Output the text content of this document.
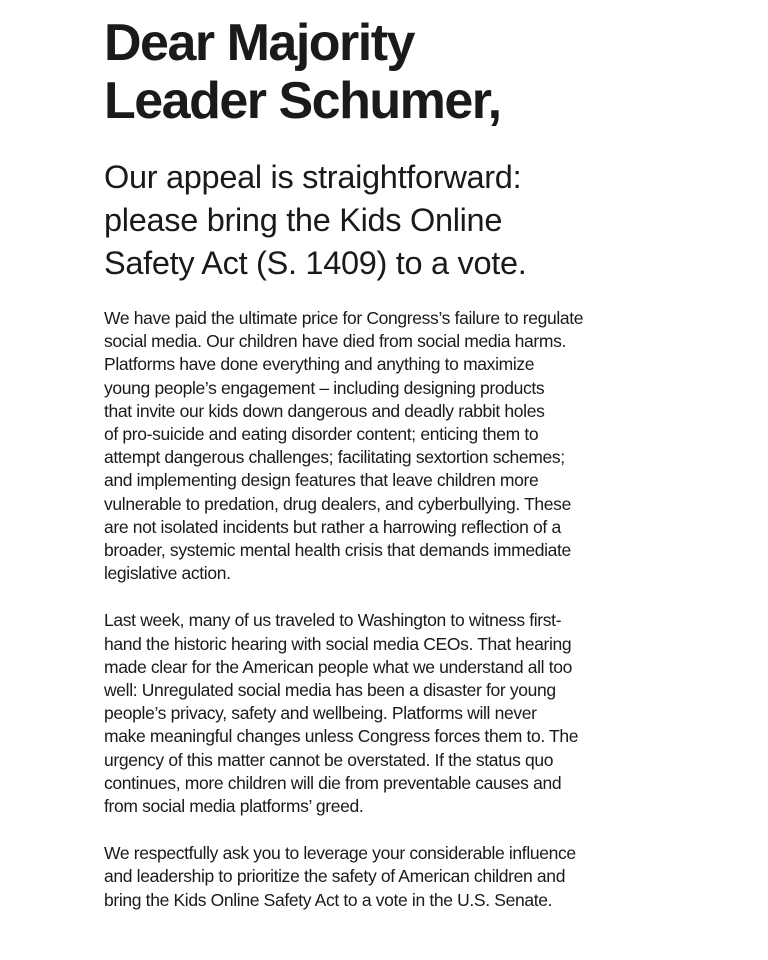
Dear Majority
Leader Schumer,
Our appeal is straightforward:
please bring the Kids Online
Safety Act (S. 1409) to a vote.

We have paid the ultimate price for Congress’s failure to regulate
social media. Our children have died from social media harms.
Platforms have done everything and anything to maximize
young people’s engagement – including designing products
that invite our kids down dangerous and deadly rabbit holes
of pro-suicide and eating disorder content; enticing them to
attempt dangerous challenges; facilitating sextortion schemes;
and implementing design features that leave children more
vulnerable to predation, drug dealers, and cyberbullying. These
are not isolated incidents but rather a harrowing reflection of a
broader, systemic mental health crisis that demands immediate
legislative action.

Last week, many of us traveled to Washington to witness first-
hand the historic hearing with social media CEOs. That hearing
made clear for the American people what we understand all too
well: Unregulated social media has been a disaster for young
people’s privacy, safety and wellbeing. Platforms will never
make meaningful changes unless Congress forces them to. The
urgency of this matter cannot be overstated. If the status quo
continues, more children will die from preventable causes and
from social media platforms’ greed.

We respectfully ask you to leverage your considerable influence
and leadership to prioritize the safety of American children and
bring the Kids Online Safety Act to a vote in the U.S. Senate.
